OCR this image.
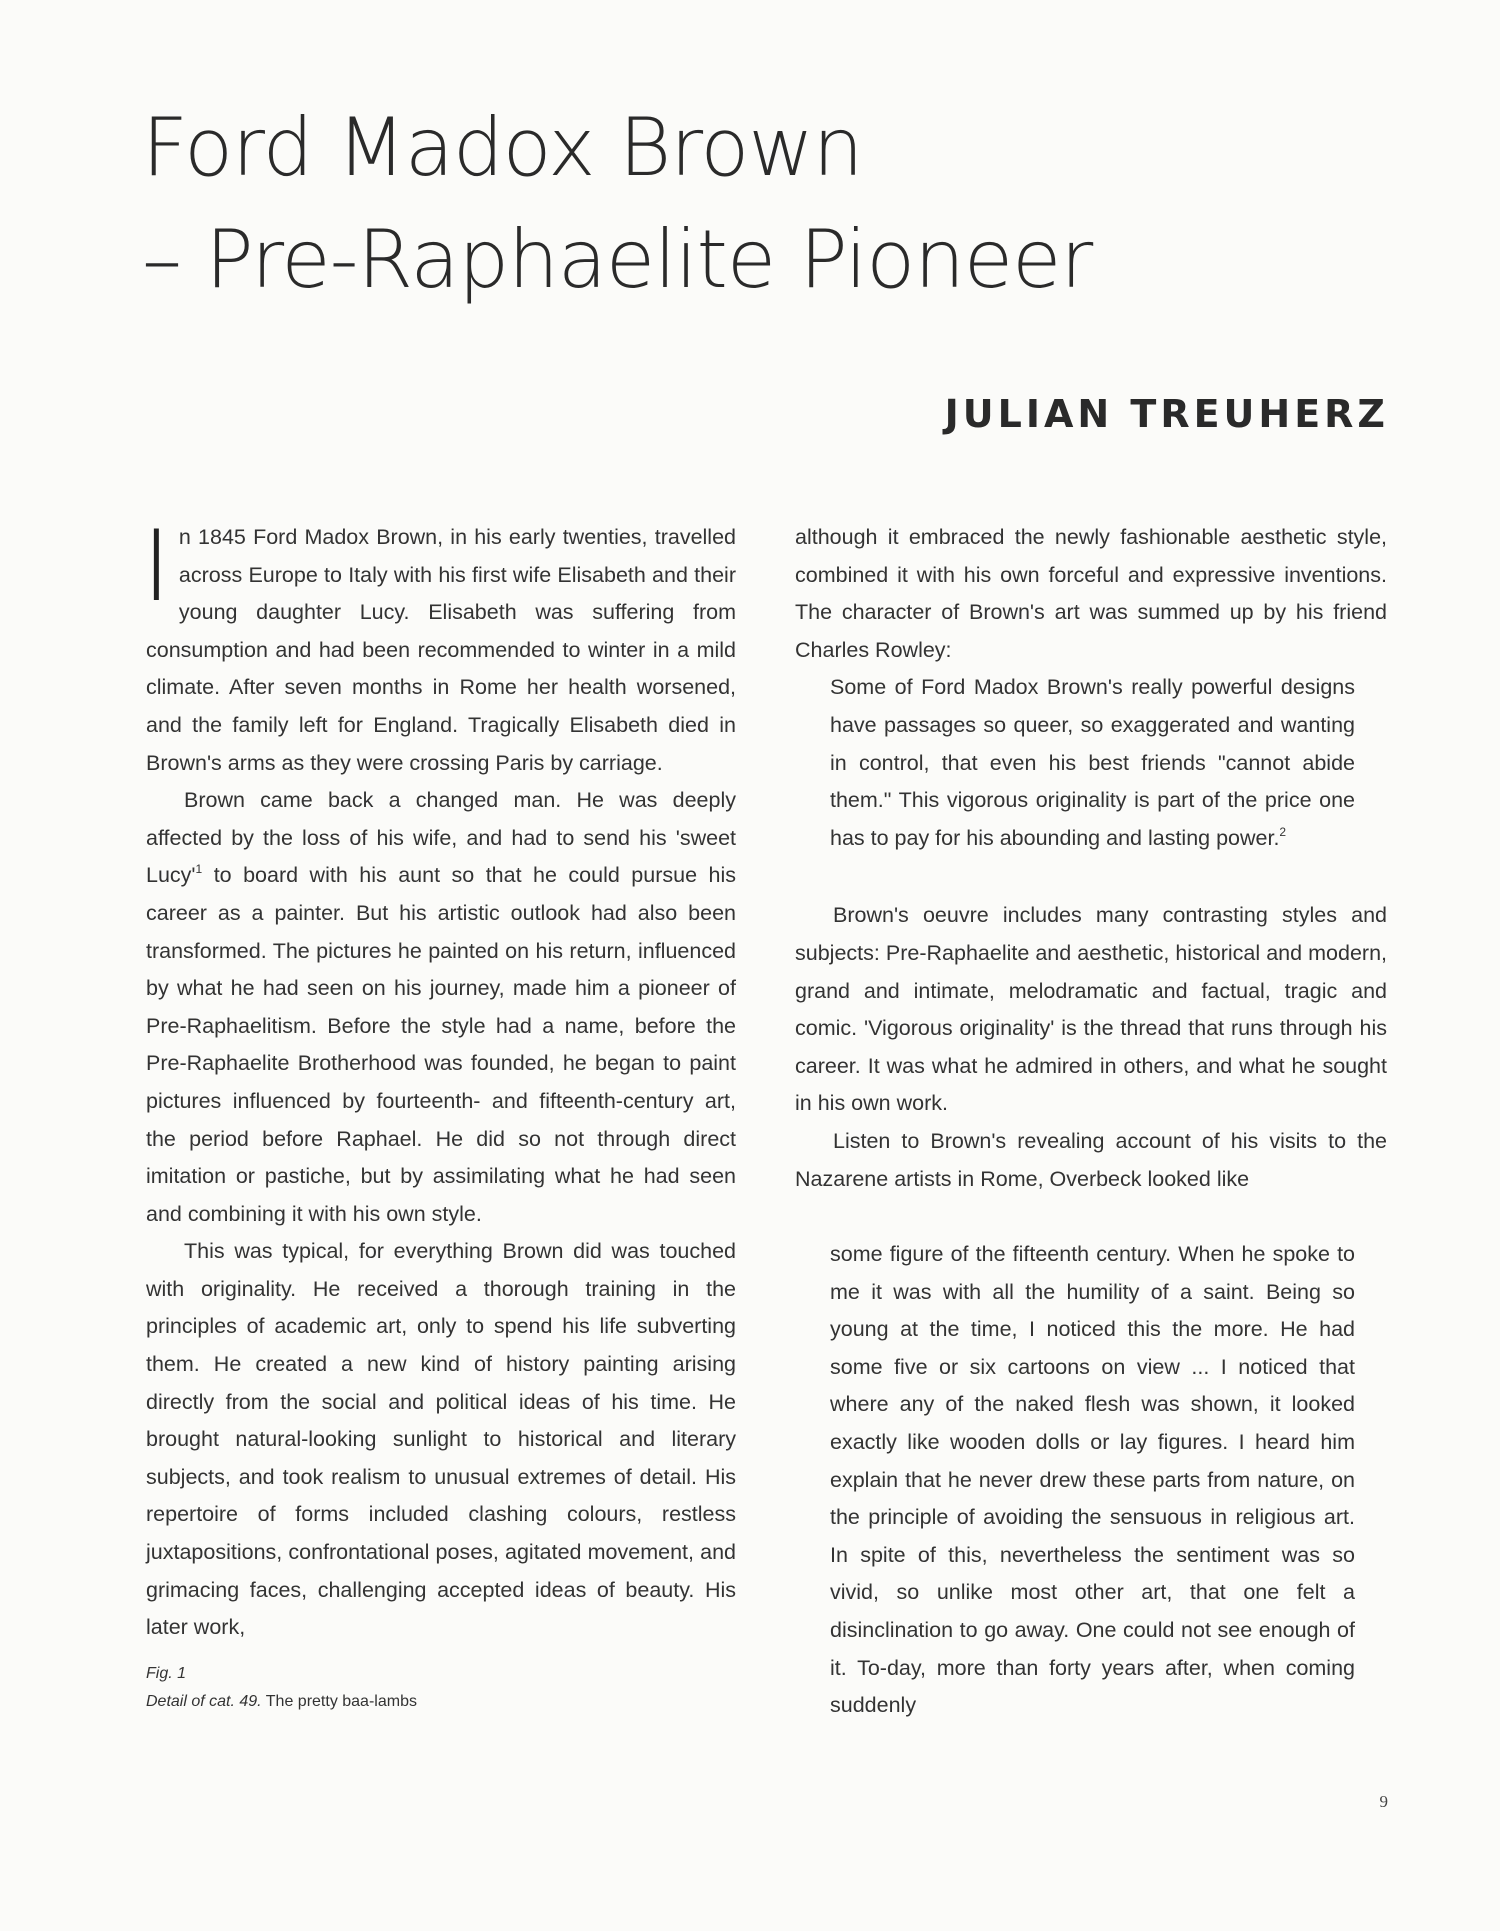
Ford Madox Brown
– Pre-Raphaelite Pioneer
JULIAN TREUHERZ

In 1845 Ford Madox Brown, in his early twenties, travelled across Europe to Italy with his first wife Elisabeth and their young daughter Lucy. Elisabeth was suffering from consumption and had been recommended to winter in a mild climate. After seven months in Rome her health worsened, and the family left for England. Tragically Elisabeth died in Brown's arms as they were crossing Paris by carriage.

Brown came back a changed man. He was deeply affected by the loss of his wife, and had to send his 'sweet $Lucy'^1$ to board with his aunt so that he could pursue his career as a painter. But his artistic outlook had also been transformed. The pictures he painted on his return, influenced by what he had seen on his journey, made him a pioneer of Pre-Raphaelitism. Before the style had a name, before the Pre-Raphaelite Brotherhood was founded, he began to paint pictures influenced by fourteenth- and fifteenth-century art, the period before Raphael. He did so not through direct imitation or pastiche, but by assimilating what he had seen and combining it with his own style.

This was typical, for everything Brown did was touched with originality. He received a thorough training in the principles of academic art, only to spend his life subverting them. He created a new kind of history painting arising directly from the social and political ideas of his time. He brought natural-looking sunlight to historical and literary subjects, and took realism to unusual extremes of detail. His repertoire of forms included clashing colours, restless juxtapositions, confrontational poses, agitated movement, and grimacing faces, challenging accepted ideas of beauty. His later work,

Fig. 1
Detail of cat. 49. The pretty baa-lambs

although it embraced the newly fashionable aesthetic style, combined it with his own forceful and expressive inventions. The character of Brown's art was summed up by his friend Charles Rowley:

Some of Ford Madox Brown's really powerful designs have passages so queer, so exaggerated and wanting in control, that even his best friends "cannot abide them." This vigorous originality is part of the price one has to pay for his abounding and lasting power.$^2$

Brown's oeuvre includes many contrasting styles and subjects: Pre-Raphaelite and aesthetic, historical and modern, grand and intimate, melodramatic and factual, tragic and comic. 'Vigorous originality' is the thread that runs through his career. It was what he admired in others, and what he sought in his own work.

Listen to Brown's revealing account of his visits to the Nazarene artists in Rome, Overbeck looked like

some figure of the fifteenth century. When he spoke to me it was with all the humility of a saint. Being so young at the time, I noticed this the more. He had some five or six cartoons on view ... I noticed that where any of the naked flesh was shown, it looked exactly like wooden dolls or lay figures. I heard him explain that he never drew these parts from nature, on the principle of avoiding the sensuous in religious art. In spite of this, nevertheless the sentiment was so vivid, so unlike most other art, that one felt a disinclination to go away. One could not see enough of it. To-day, more than forty years after, when coming suddenly

9
